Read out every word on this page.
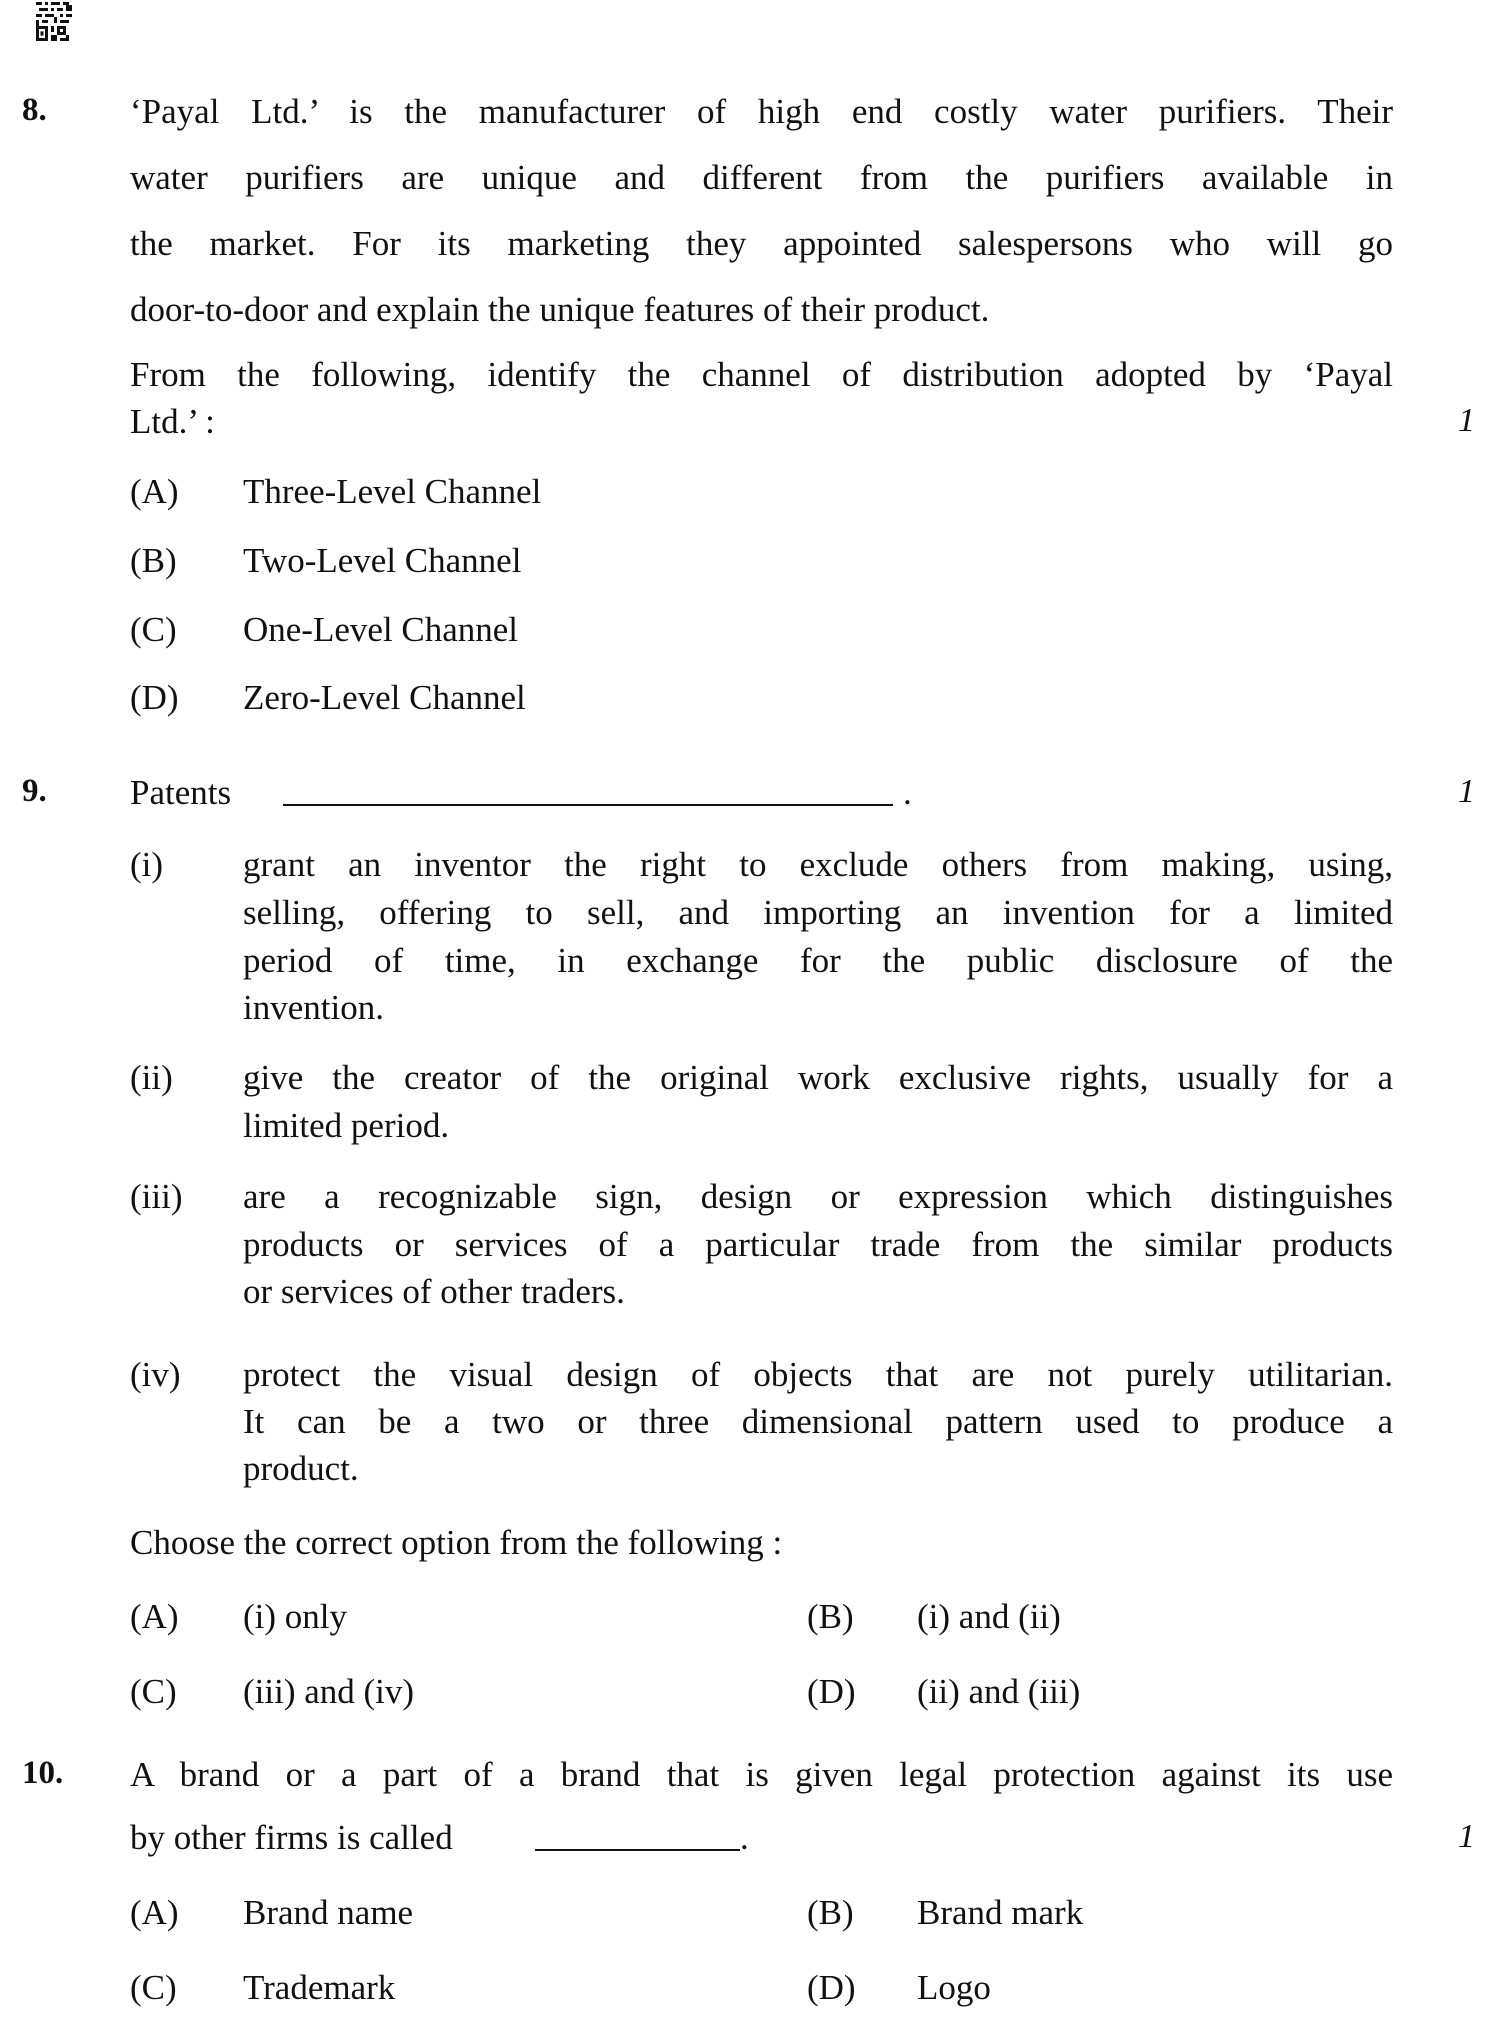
8. ‘Payal Ltd.’ is the manufacturer of high end costly water purifiers. Their
water purifiers are unique and different from the purifiers available in
the market. For its marketing they appointed salespersons who will go
door-to-door and explain the unique features of their product.
From the following, identify the channel of distribution adopted by ‘Payal
Ltd.’ :	1
(A) Three-Level Channel
(B) Two-Level Channel
(C) One-Level Channel
(D) Zero-Level Channel
9. Patents	.	1
(i) grant an inventor the right to exclude others from making, using,
selling, offering to sell, and importing an invention for a limited
period of time, in exchange for the public disclosure of the
invention.
(ii) give the creator of the original work exclusive rights, usually for a
limited period.
(iii) are a recognizable sign, design or expression which distinguishes
products or services of a particular trade from the similar products
or services of other traders.
(iv) protect the visual design of objects that are not purely utilitarian.
It can be a two or three dimensional pattern used to produce a
product.
Choose the correct option from the following :
(A) (i) only	(B) (i) and (ii)
(C) (iii) and (iv)	(D) (ii) and (iii)
10. A brand or a part of a brand that is given legal protection against its use
by other firms is called	.	1
(A) Brand name	(B) Brand mark
(C) Trademark	(D) Logo
